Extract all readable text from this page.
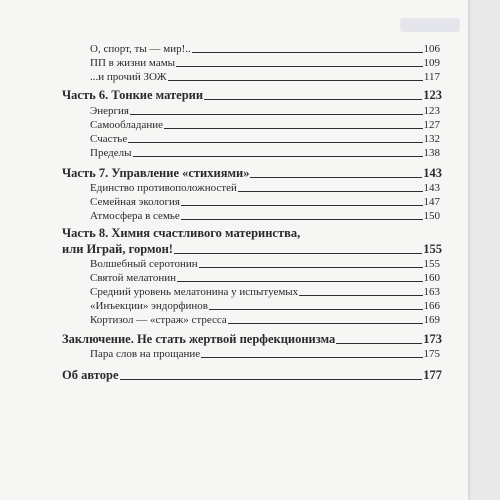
О, спорт, ты — мир!..	106
ПП в жизни мамы	109
...и прочий ЗОЖ	117
Часть 6. Тонкие материи	123
Энергия	123
Самообладание	127
Счастье	132
Пределы	138
Часть 7. Управление «стихиями»	143
Единство противоположностей	143
Семейная экология	147
Атмосфера в семье	150
Часть 8. Химия счастливого материнства,
или Играй, гормон!	155
Волшебный серотонин	155
Святой мелатонин	160
Средний уровень мелатонина у испытуемых	163
«Инъекции» эндорфинов	166
Кортизол — «страж» стресса	169
Заключение. Не стать жертвой перфекционизма	173
Пара слов на прощание	175
Об авторе	177
